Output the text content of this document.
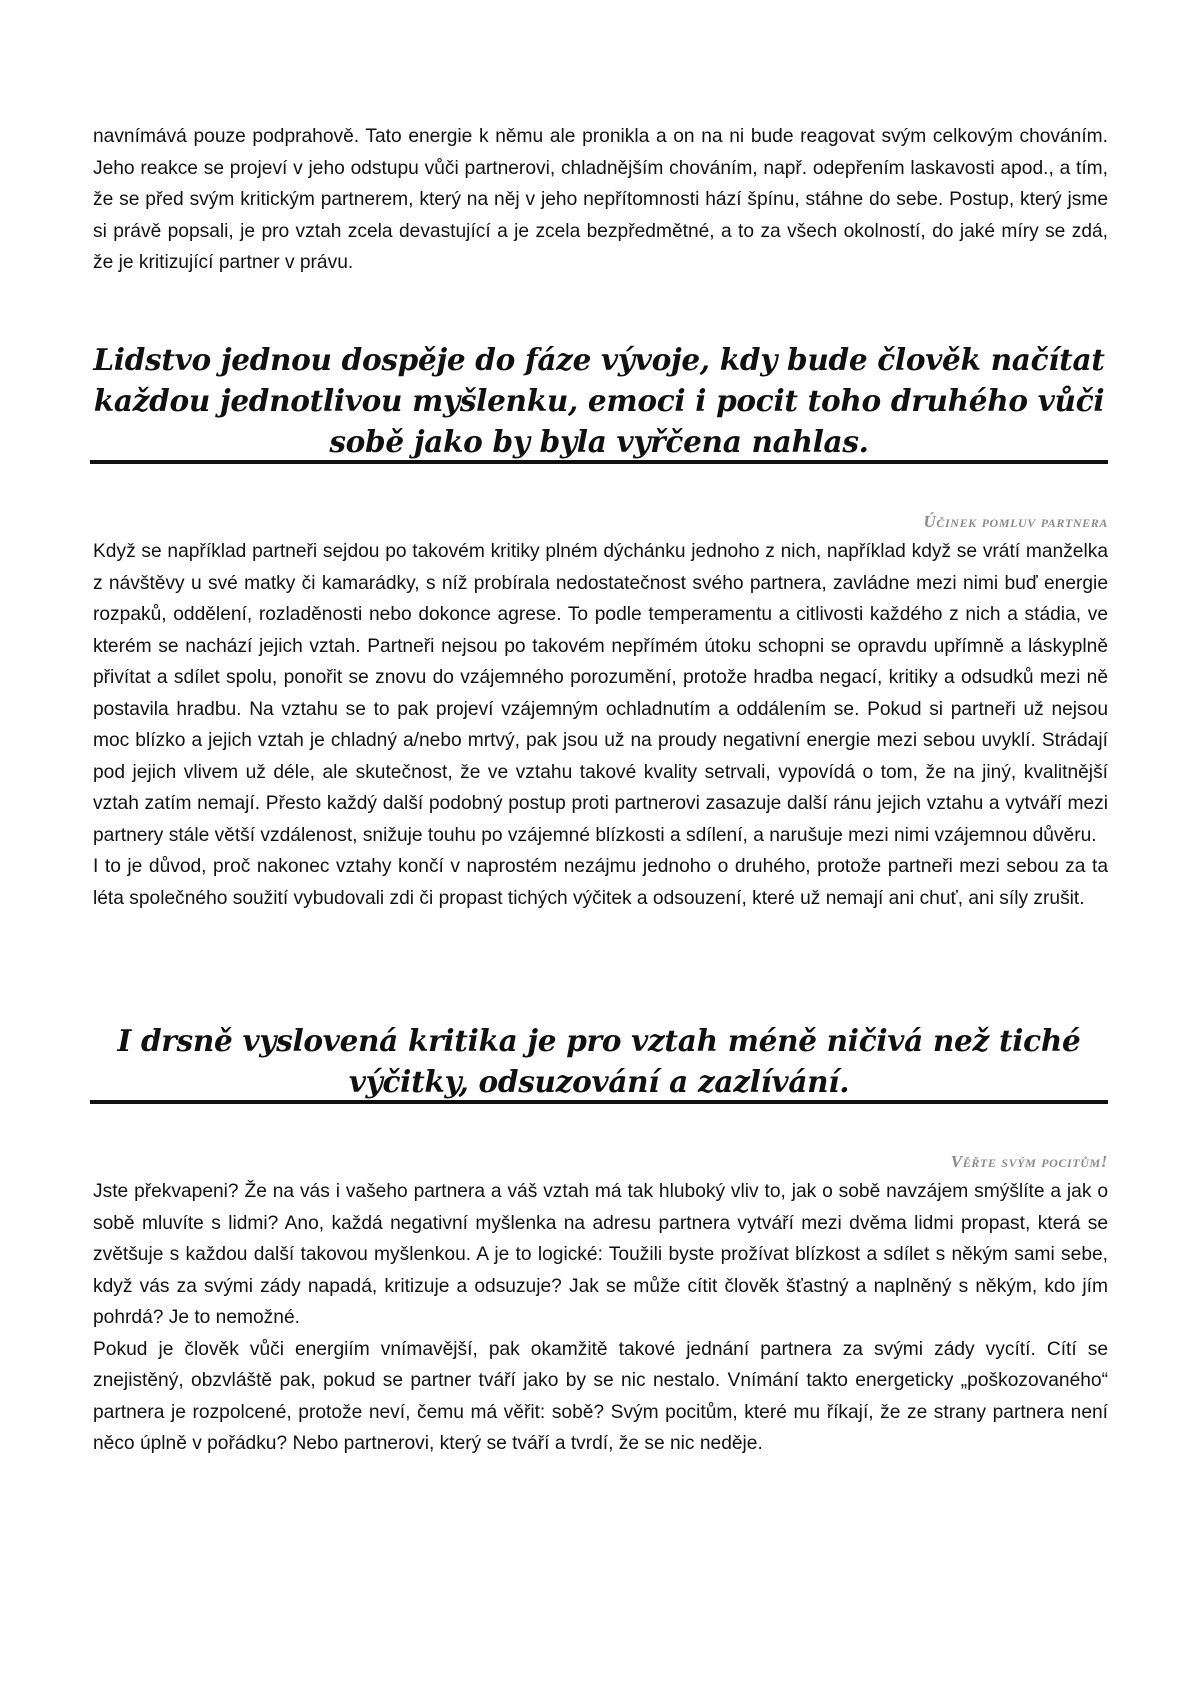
navnímává pouze podprahově. Tato energie k němu ale pronikla a on na ni bude reagovat svým celkovým chováním. Jeho reakce se projeví v jeho odstupu vůči partnerovi, chladnějším chováním, např. odepřením laskavosti apod., a tím, že se před svým kritickým partnerem, který na něj v jeho nepřítomnosti hází špínu, stáhne do sebe. Postup, který jsme si právě popsali, je pro vztah zcela devastující a je zcela bezpředmětné, a to za všech okolností, do jaké míry se zdá, že je kritizující partner v právu.

Lidstvo jednou dospěje do fáze vývoje, kdy bude člověk načítat každou jednotlivou myšlenku, emoci i pocit toho druhého vůči sobě jako by byla vyřčena nahlas.

Účinek pomluv partnera

Když se například partneři sejdou po takovém kritiky plném dýchánku jednoho z nich, například když se vrátí manželka z návštěvy u své matky či kamarádky, s níž probírala nedostatečnost svého partnera, zavládne mezi nimi buď energie rozpaků, oddělení, rozladěnosti nebo dokonce agrese. To podle temperamentu a citlivosti každého z nich a stádia, ve kterém se nachází jejich vztah. Partneři nejsou po takovém nepřímém útoku schopni se opravdu upřímně a láskyplně přivítat a sdílet spolu, ponořit se znovu do vzájemného porozumění, protože hradba negací, kritiky a odsudků mezi ně postavila hradbu. Na vztahu se to pak projeví vzájemným ochladnutím a oddálením se. Pokud si partneři už nejsou moc blízko a jejich vztah je chladný a/nebo mrtvý, pak jsou už na proudy negativní energie mezi sebou uvyklí. Strádají pod jejich vlivem už déle, ale skutečnost, že ve vztahu takové kvality setrvali, vypovídá o tom, že na jiný, kvalitnější vztah zatím nemají. Přesto každý další podobný postup proti partnerovi zasazuje další ránu jejich vztahu a vytváří mezi partnery stále větší vzdálenost, snižuje touhu po vzájemné blízkosti a sdílení, a narušuje mezi nimi vzájemnou důvěru.

I to je důvod, proč nakonec vztahy končí v naprostém nezájmu jednoho o druhého, protože partneři mezi sebou za ta léta společného soužití vybudovali zdi či propast tichých výčitek a odsouzení, které už nemají ani chuť, ani síly zrušit.

I drsně vyslovená kritika je pro vztah méně ničivá než tiché výčitky, odsuzování a zazlívání.

Věřte svým pocitům!

Jste překvapeni? Že na vás i vašeho partnera a váš vztah má tak hluboký vliv to, jak o sobě navzájem smýšlíte a jak o sobě mluvíte s lidmi? Ano, každá negativní myšlenka na adresu partnera vytváří mezi dvěma lidmi propast, která se zvětšuje s každou další takovou myšlenkou. A je to logické: Toužili byste prožívat blízkost a sdílet s někým sami sebe, když vás za svými zády napadá, kritizuje a odsuzuje? Jak se může cítit člověk šťastný a naplněný s někým, kdo jím pohrdá? Je to nemožné.

Pokud je člověk vůči energiím vnímavější, pak okamžitě takové jednání partnera za svými zády vycítí. Cítí se znejistěný, obzvláště pak, pokud se partner tváří jako by se nic nestalo. Vnímání takto energeticky „poškozovaného“ partnera je rozpolcené, protože neví, čemu má věřit: sobě? Svým pocitům, které mu říkají, že ze strany partnera není něco úplně v pořádku? Nebo partnerovi, který se tváří a tvrdí, že se nic neděje.
